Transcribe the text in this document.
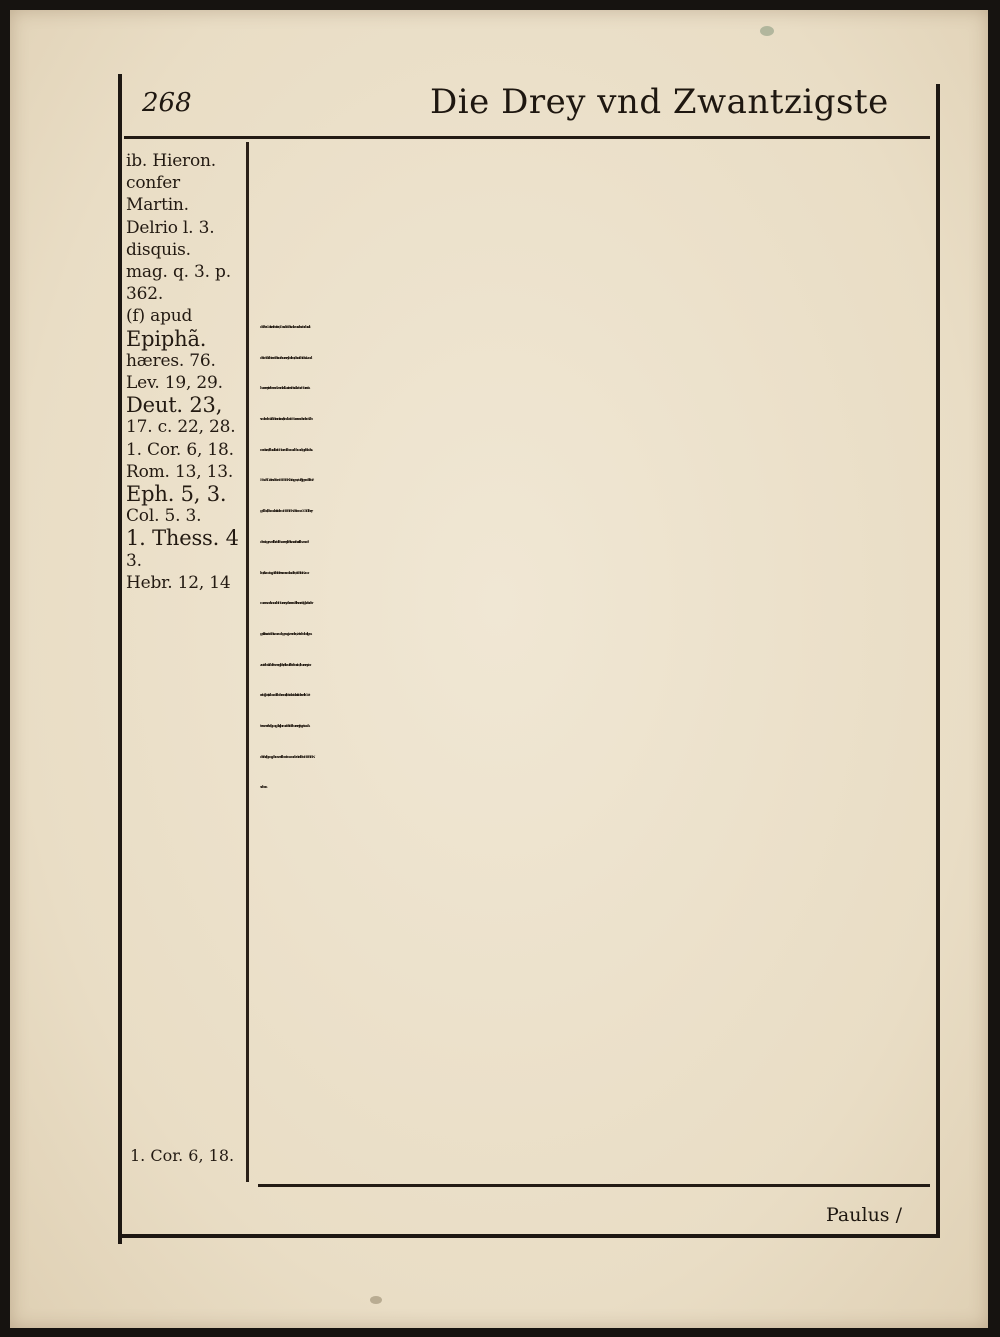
268	Die Drey vnd Zwantzigste
ib. Hieron.
confer
Martin.
Delrio l. 3.
disquis.
mag. q. 3. p.
362.
(f) apud
Epiphã.
hæres. 76.
Lev. 19, 29.
Deut. 23,
17. c. 22, 28.
1. Cor. 6, 18.
Rom. 13, 13.
Eph. 5, 3.
Col. 5. 3.
1. Thess. 4
3.
Hebr. 12, 14
1. Cor. 6, 18.
daß es Gott verbotten / Du solt nicht vnkeusch sein : du solt
deine Tôchter nicht zur hurerey halten / das nicht das Land
hurerey treibe vnd werd voll Lasters. Es soll keine Hur sein
vnder den Tôchtern Israel / vnd kein Hurer vnder den Söh-
nen Israel / du solt kein Hurenlohn noch hundegeld in das
Hauß Gottes deines HERRN bringen / auß jrgend deinẽ
gelübd / dann das ist dem HERRN deinem GOTT bey-
des ein grewel: flihet die hurerey / laßt vns erbarlich wand-
len / als am tag / nicht in fressen vnd sauffen / nicht in Kam-
mern vnd vnzucht. Hurerey aber vnd alle vnreinigkeit oder
geitz lasset nicht von euch gesagt werden / wie den heiligen
zustehet. Tôdet ewer glider / die auff Erden sind / hurerey / vn-
reinigket / schandliche brunst / böse lust. das ist der wille Got-
tes ewer heiligung / das jhr meidet die hurerey. Jaget nach
der heiligung / ohne welche niemand würd den HERRN
sehen.
Paulus /
